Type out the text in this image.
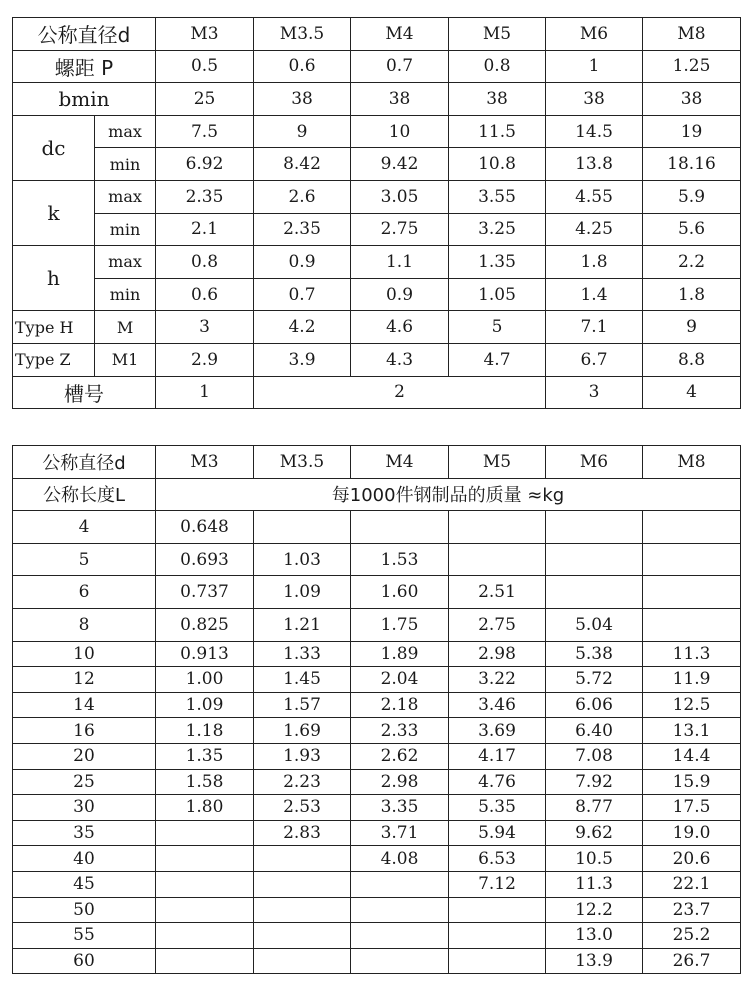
公称直径d		M3	M3.5	M4	M5	M6	M8
螺距 P		0.5	0.6	0.7	0.8	1	1.25
bmin		25	38	38	38	38	38
dc	max	7.5	9	10	11.5	14.5	19
	min	6.92	8.42	9.42	10.8	13.8	18.16
k	max	2.35	2.6	3.05	3.55	4.55	5.9
	min	2.1	2.35	2.75	3.25	4.25	5.6
h	max	0.8	0.9	1.1	1.35	1.8	2.2
	min	0.6	0.7	0.9	1.05	1.4	1.8
Type H	M	3	4.2	4.6	5	7.1	9
Type Z	M1	2.9	3.9	4.3	4.7	6.7	8.8
槽号		1	2			3	4
公称直径d	M3	M3.5	M4	M5	M6	M8
公称长度L	每1000件钢制品的质量 ≈kg					
4	0.648					
5	0.693	1.03	1.53			
6	0.737	1.09	1.60	2.51		
8	0.825	1.21	1.75	2.75	5.04	
10	0.913	1.33	1.89	2.98	5.38	11.3
12	1.00	1.45	2.04	3.22	5.72	11.9
14	1.09	1.57	2.18	3.46	6.06	12.5
16	1.18	1.69	2.33	3.69	6.40	13.1
20	1.35	1.93	2.62	4.17	7.08	14.4
25	1.58	2.23	2.98	4.76	7.92	15.9
30	1.80	2.53	3.35	5.35	8.77	17.5
35		2.83	3.71	5.94	9.62	19.0
40			4.08	6.53	10.5	20.6
45				7.12	11.3	22.1
50					12.2	23.7
55					13.0	25.2
60					13.9	26.7
